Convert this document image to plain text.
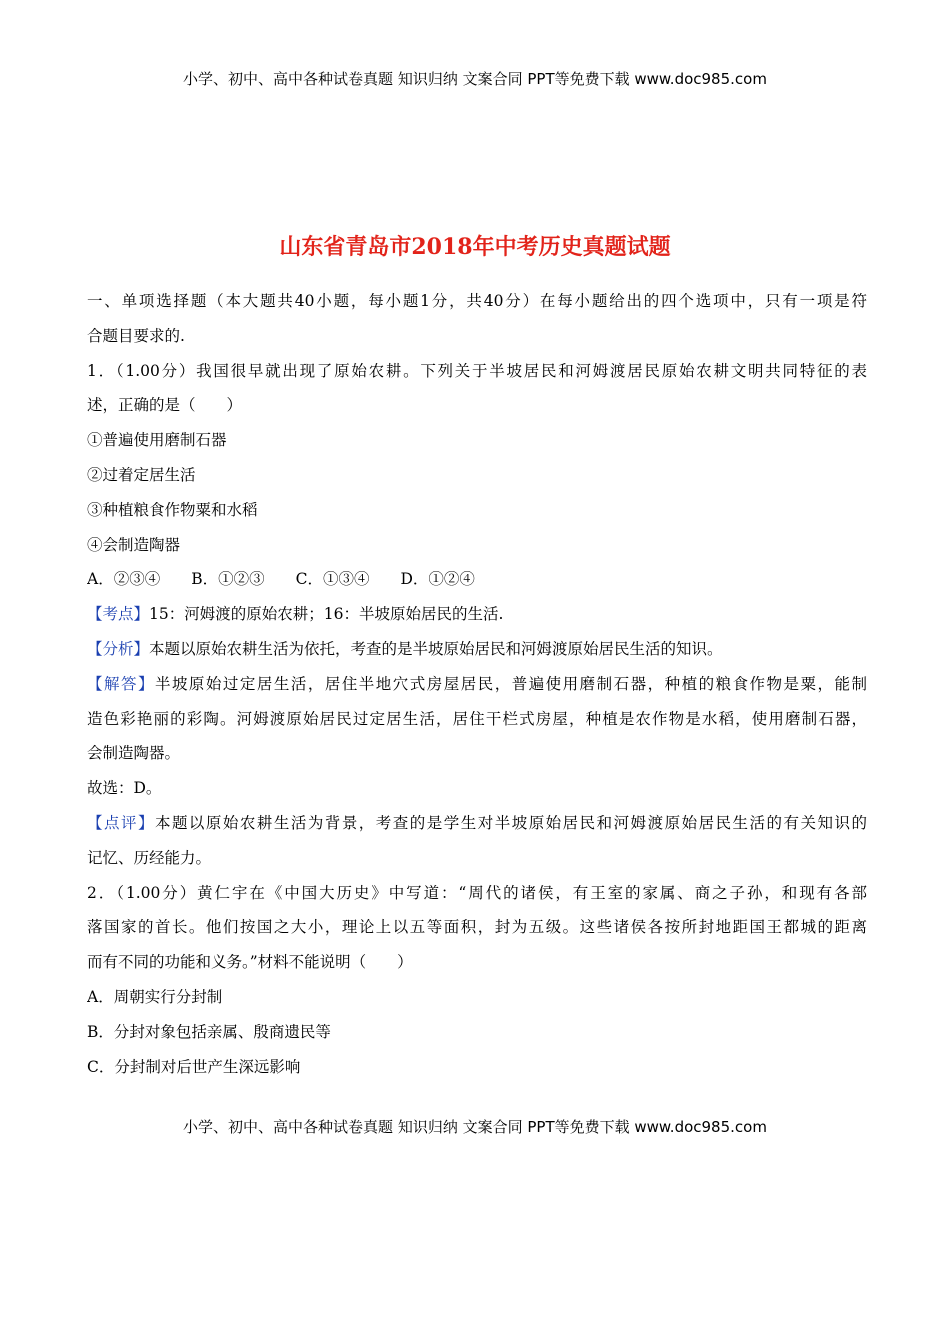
小学、初中、高中各种试卷真题 知识归纳 文案合同 PPT等免费下载 www.doc985.com
山东省青岛市2018年中考历史真题试题
一、单项选择题（本大题共40小题，每小题1分，共40分）在每小题给出的四个选项中，只有一项是符
合题目要求的.
1．（1.00分）我国很早就出现了原始农耕。下列关于半坡居民和河姆渡居民原始农耕文明共同特征的表
述，正确的是（　　）
①普遍使用磨制石器
②过着定居生活
③种植粮食作物粟和水稻
④会制造陶器
A．②③④　　B．①②③　　C．①③④　　D．①②④
【考点】15：河姆渡的原始农耕；16：半坡原始居民的生活.
【分析】本题以原始农耕生活为依托，考查的是半坡原始居民和河姆渡原始居民生活的知识。
【解答】半坡原始过定居生活，居住半地穴式房屋居民，普遍使用磨制石器，种植的粮食作物是粟，能制
造色彩艳丽的彩陶。河姆渡原始居民过定居生活，居住干栏式房屋，种植是农作物是水稻，使用磨制石器，
会制造陶器。
故选：D。
【点评】本题以原始农耕生活为背景，考查的是学生对半坡原始居民和河姆渡原始居民生活的有关知识的
记忆、历经能力。
2．（1.00分）黄仁宇在《中国大历史》中写道：“周代的诸侯，有王室的家属、商之子孙，和现有各部
落国家的首长。他们按国之大小，理论上以五等面积，封为五级。这些诸侯各按所封地距国王都城的距离
而有不同的功能和义务。”材料不能说明（　　）
A．周朝实行分封制
B．分封对象包括亲属、殷商遗民等
C．分封制对后世产生深远影响
小学、初中、高中各种试卷真题 知识归纳 文案合同 PPT等免费下载 www.doc985.com
